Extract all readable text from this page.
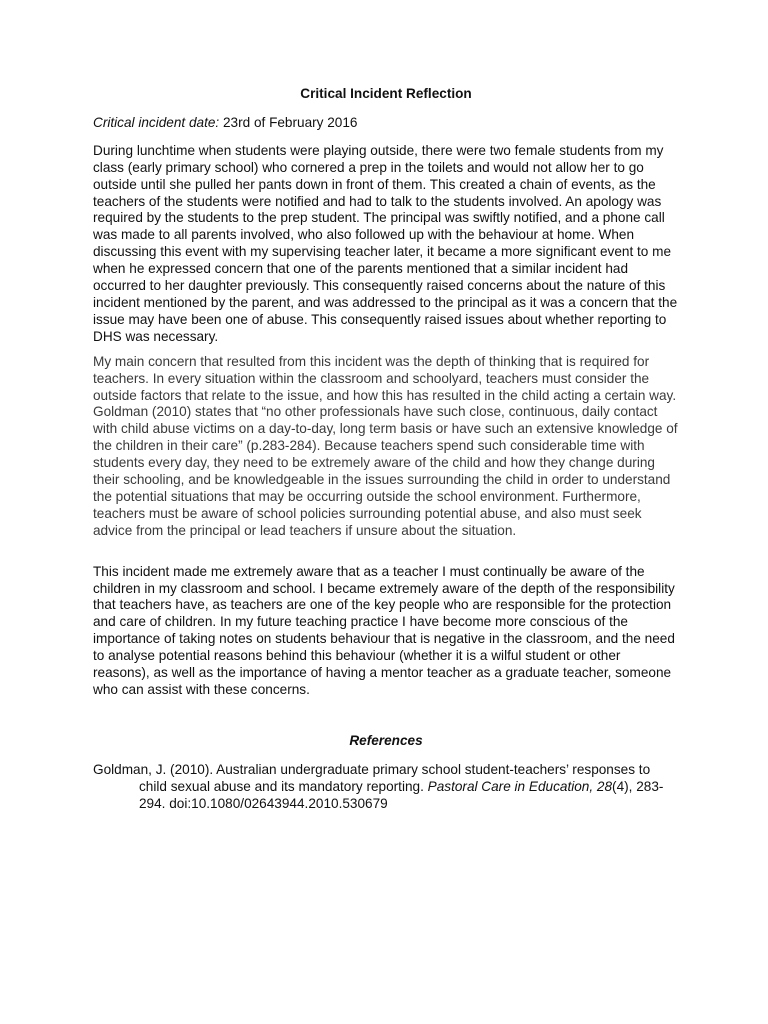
Critical Incident Reflection
Critical incident date: 23rd of February 2016

During lunchtime when students were playing outside, there were two female students from my class (early primary school) who cornered a prep in the toilets and would not allow her to go outside until she pulled her pants down in front of them. This created a chain of events, as the teachers of the students were notified and had to talk to the students involved. An apology was required by the students to the prep student. The principal was swiftly notified, and a phone call was made to all parents involved, who also followed up with the behaviour at home. When discussing this event with my supervising teacher later, it became a more significant event to me when he expressed concern that one of the parents mentioned that a similar incident had occurred to her daughter previously. This consequently raised concerns about the nature of this incident mentioned by the parent, and was addressed to the principal as it was a concern that the issue may have been one of abuse. This consequently raised issues about whether reporting to DHS was necessary.

My main concern that resulted from this incident was the depth of thinking that is required for teachers. In every situation within the classroom and schoolyard, teachers must consider the outside factors that relate to the issue, and how this has resulted in the child acting a certain way. Goldman (2010) states that “no other professionals have such close, continuous, daily contact with child abuse victims on a day-to-day, long term basis or have such an extensive knowledge of the children in their care” (p.283-284). Because teachers spend such considerable time with students every day, they need to be extremely aware of the child and how they change during their schooling, and be knowledgeable in the issues surrounding the child in order to understand the potential situations that may be occurring outside the school environment. Furthermore, teachers must be aware of school policies surrounding potential abuse, and also must seek advice from the principal or lead teachers if unsure about the situation.

This incident made me extremely aware that as a teacher I must continually be aware of the children in my classroom and school. I became extremely aware of the depth of the responsibility that teachers have, as teachers are one of the key people who are responsible for the protection and care of children. In my future teaching practice I have become more conscious of the importance of taking notes on students behaviour that is negative in the classroom, and the need to analyse potential reasons behind this behaviour (whether it is a wilful student or other reasons), as well as the importance of having a mentor teacher as a graduate teacher, someone who can assist with these concerns.

References
Goldman, J. (2010). Australian undergraduate primary school student-teachers’ responses to child sexual abuse and its mandatory reporting. Pastoral Care in Education, 28(4), 283-294. doi:10.1080/02643944.2010.530679
